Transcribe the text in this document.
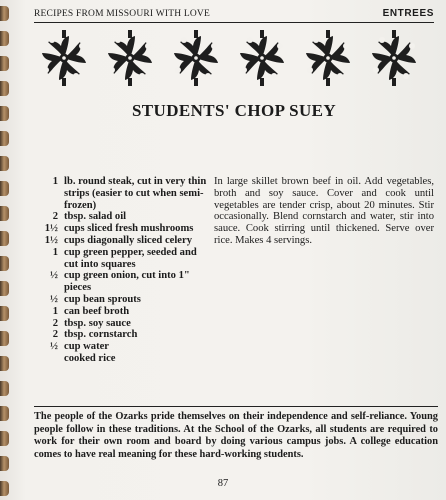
RECIPES FROM MISSOURI WITH LOVE	ENTREES
STUDENTS' CHOP SUEY
1 lb. round steak, cut in very thin strips (easier to cut when semi-frozen)
2 tbsp. salad oil
1½ cups sliced fresh mushrooms
1½ cups diagonally sliced celery
1 cup green pepper, seeded and cut into squares
½ cup green onion, cut into 1" pieces
½ cup bean sprouts
1 can beef broth
2 tbsp. soy sauce
2 tbsp. cornstarch
½ cup water
cooked rice
In large skillet brown beef in oil. Add vegetables, broth and soy sauce. Cover and cook until vegetables are tender crisp, about 20 minutes. Stir occasionally. Blend cornstarch and water, stir into sauce. Cook stirring until thickened. Serve over rice. Makes 4 servings.
The people of the Ozarks pride themselves on their independence and self-reliance. Young people follow in these traditions. At the School of the Ozarks, all students are required to work for their own room and board by doing various campus jobs. A college education comes to have real meaning for these hard-working students.
87
